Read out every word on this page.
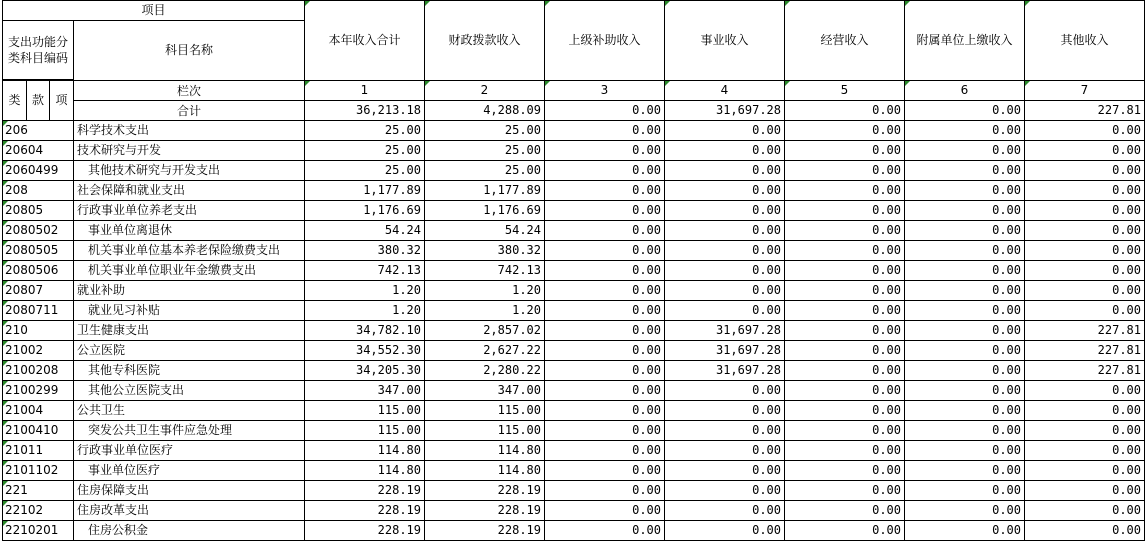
项目				本年收入合计	财政拨款收入	上级补助收入	事业收入	经营收入	附属单位上缴收入	其他收入
支出功能分类科目编码			科目名称							

类	款	项	栏次	1	2	3	4	5	6	7
			合计	36,213.18	4,288.09	0.00	31,697.28	0.00	0.00	227.81
206			科学技术支出	25.00	25.00	0.00	0.00	0.00	0.00	0.00
20604			技术研究与开发	25.00	25.00	0.00	0.00	0.00	0.00	0.00
2060499			其他技术研究与开发支出	25.00	25.00	0.00	0.00	0.00	0.00	0.00
208			社会保障和就业支出	1,177.89	1,177.89	0.00	0.00	0.00	0.00	0.00
20805			行政事业单位养老支出	1,176.69	1,176.69	0.00	0.00	0.00	0.00	0.00
2080502			事业单位离退休	54.24	54.24	0.00	0.00	0.00	0.00	0.00
2080505			机关事业单位基本养老保险缴费支出	380.32	380.32	0.00	0.00	0.00	0.00	0.00
2080506			机关事业单位职业年金缴费支出	742.13	742.13	0.00	0.00	0.00	0.00	0.00
20807			就业补助	1.20	1.20	0.00	0.00	0.00	0.00	0.00
2080711			就业见习补贴	1.20	1.20	0.00	0.00	0.00	0.00	0.00
210			卫生健康支出	34,782.10	2,857.02	0.00	31,697.28	0.00	0.00	227.81
21002			公立医院	34,552.30	2,627.22	0.00	31,697.28	0.00	0.00	227.81
2100208			其他专科医院	34,205.30	2,280.22	0.00	31,697.28	0.00	0.00	227.81
2100299			其他公立医院支出	347.00	347.00	0.00	0.00	0.00	0.00	0.00
21004			公共卫生	115.00	115.00	0.00	0.00	0.00	0.00	0.00
2100410			突发公共卫生事件应急处理	115.00	115.00	0.00	0.00	0.00	0.00	0.00
21011			行政事业单位医疗	114.80	114.80	0.00	0.00	0.00	0.00	0.00
2101102			事业单位医疗	114.80	114.80	0.00	0.00	0.00	0.00	0.00
221			住房保障支出	228.19	228.19	0.00	0.00	0.00	0.00	0.00
22102			住房改革支出	228.19	228.19	0.00	0.00	0.00	0.00	0.00
2210201			住房公积金	228.19	228.19	0.00	0.00	0.00	0.00	0.00
